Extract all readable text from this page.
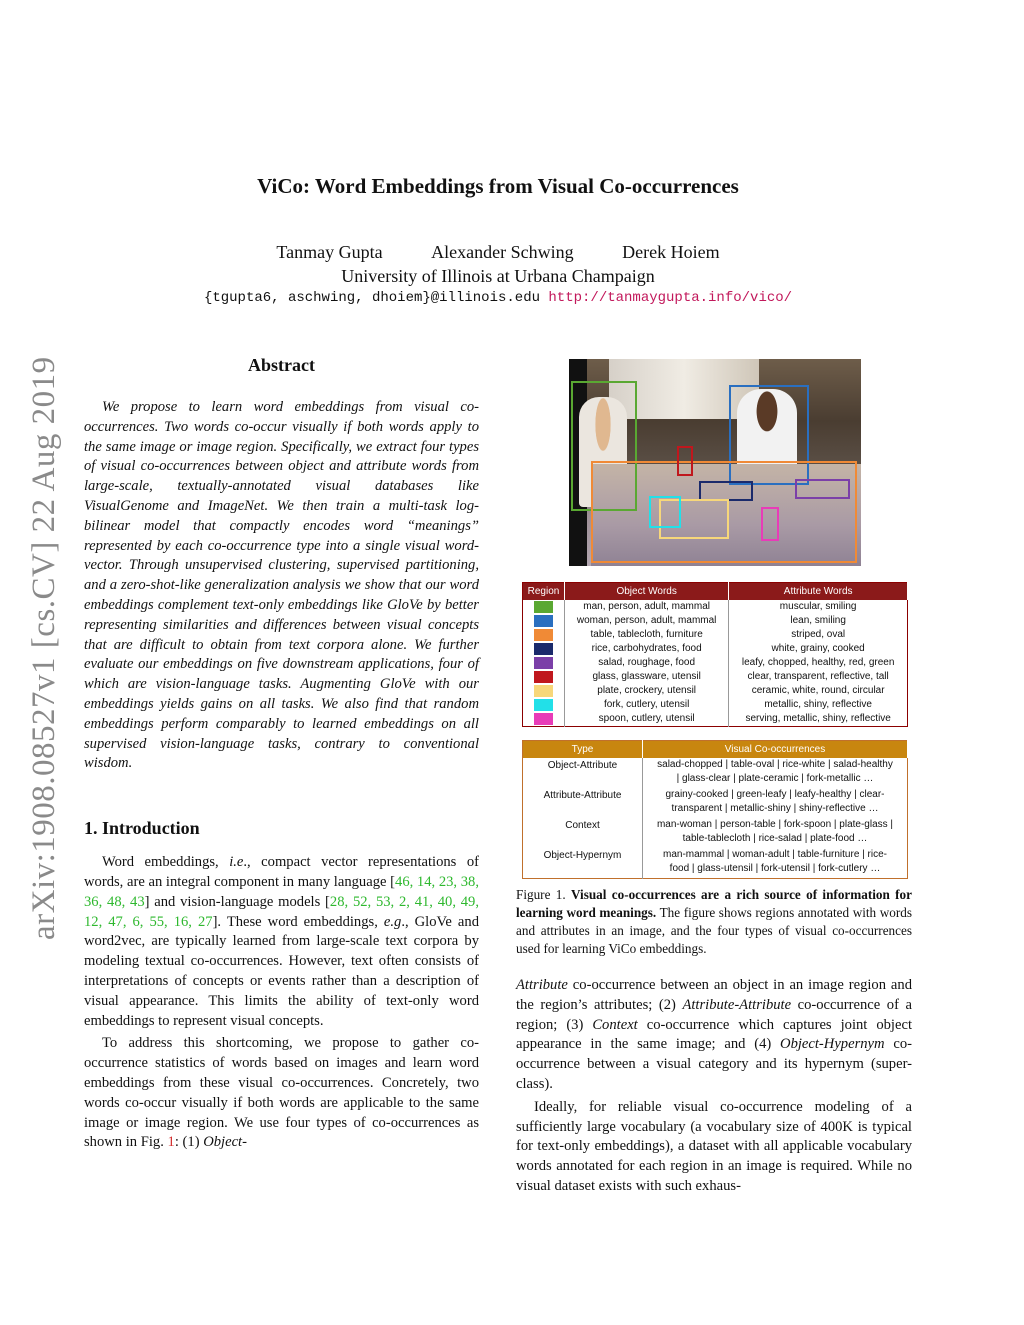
ViCo: Word Embeddings from Visual Co-occurrences
Tanmay Gupta	Alexander Schwing	Derek Hoiem
University of Illinois at Urbana Champaign
{tgupta6, aschwing, dhoiem}@illinois.edu http://tanmaygupta.info/vico/
arXiv:1908.08527v1 [cs.CV] 22 Aug 2019	Abstract
We propose to learn word embeddings from visual co-occurrences. Two words co-occur visually if both words apply to the same image or image region. Specifically, we extract four types of visual co-occurrences between object and attribute words from large-scale, textually-annotated visual databases like VisualGenome and ImageNet. We then train a multi-task log-bilinear model that compactly encodes word “meanings” represented by each co-occurrence type into a single visual word-vector. Through unsupervised clustering, supervised partitioning, and a zero-shot-like generalization analysis we show that our word embeddings complement text-only embeddings like GloVe by better representing similarities and differences between visual concepts that are difficult to obtain from text corpora alone. We further evaluate our embeddings on five downstream applications, four of which are vision-language tasks. Augmenting GloVe with our embeddings yields gains on all tasks. We also find that random embeddings perform comparably to learned embeddings on all supervised vision-language tasks, contrary to conventional wisdom.
1. Introduction

Word embeddings, i.e., compact vector representations of words, are an integral component in many language [46, 14, 23, 38, 36, 48, 43] and vision-language models [28, 52, 53, 2, 41, 40, 49, 12, 47, 6, 55, 16, 27]. These word embeddings, e.g., GloVe and word2vec, are typically learned from large-scale text corpora by modeling textual co-occurrences. However, text often consists of interpretations of concepts or events rather than a description of visual appearance. This limits the ability of text-only word embeddings to represent visual concepts.

To address this shortcoming, we propose to gather co-occurrence statistics of words based on images and learn word embeddings from these visual co-occurrences. Concretely, two words co-occur visually if both words are applicable to the same image or image region. We use four types of co-occurrences as shown in Fig. 1: (1) Object-

Region	Object Words	Attribute Words

	man, person, adult, mammal	muscular, smiling

	woman, person, adult, mammal	lean, smiling

	table, tablecloth, furniture	striped, oval

	rice, carbohydrates, food	white, grainy, cooked

	salad, roughage, food	leafy, chopped, healthy, red, green

	glass, glassware, utensil	clear, transparent, reflective, tall

	plate, crockery, utensil	ceramic, white, round, circular

	fork, cutlery, utensil	metallic, shiny, reflective

	spoon, cutlery, utensil	serving, metallic, shiny, reflective
Type	Visual Co-occurrences
Object-Attribute	salad-chopped | table-oval | rice-white | salad-healthy
| glass-clear | plate-ceramic | fork-metallic …

Attribute-Attribute	grainy-cooked | green-leafy | leafy-healthy | clear-
transparent | metallic-shiny | shiny-reflective …

Context	man-woman | person-table | fork-spoon | plate-glass |
table-tablecloth | rice-salad | plate-food …

Object-Hypernym	man-mammal | woman-adult | table-furniture | rice-
food | glass-utensil | fork-utensil | fork-cutlery …
Figure 1. Visual co-occurrences are a rich source of information for learning word meanings. The figure shows regions annotated with words and attributes in an image, and the four types of visual co-occurrences used for learning ViCo embeddings.

Attribute co-occurrence between an object in an image region and the region’s attributes; (2) Attribute-Attribute co-occurrence of a region; (3) Context co-occurrence which captures joint object appearance in the same image; and (4) Object-Hypernym co-occurrence between a visual category and its hypernym (super-class).

Ideally, for reliable visual co-occurrence modeling of a sufficiently large vocabulary (a vocabulary size of 400K is typical for text-only embeddings), a dataset with all applicable vocabulary words annotated for each region in an image is required. While no visual dataset exists with such exhaus-
